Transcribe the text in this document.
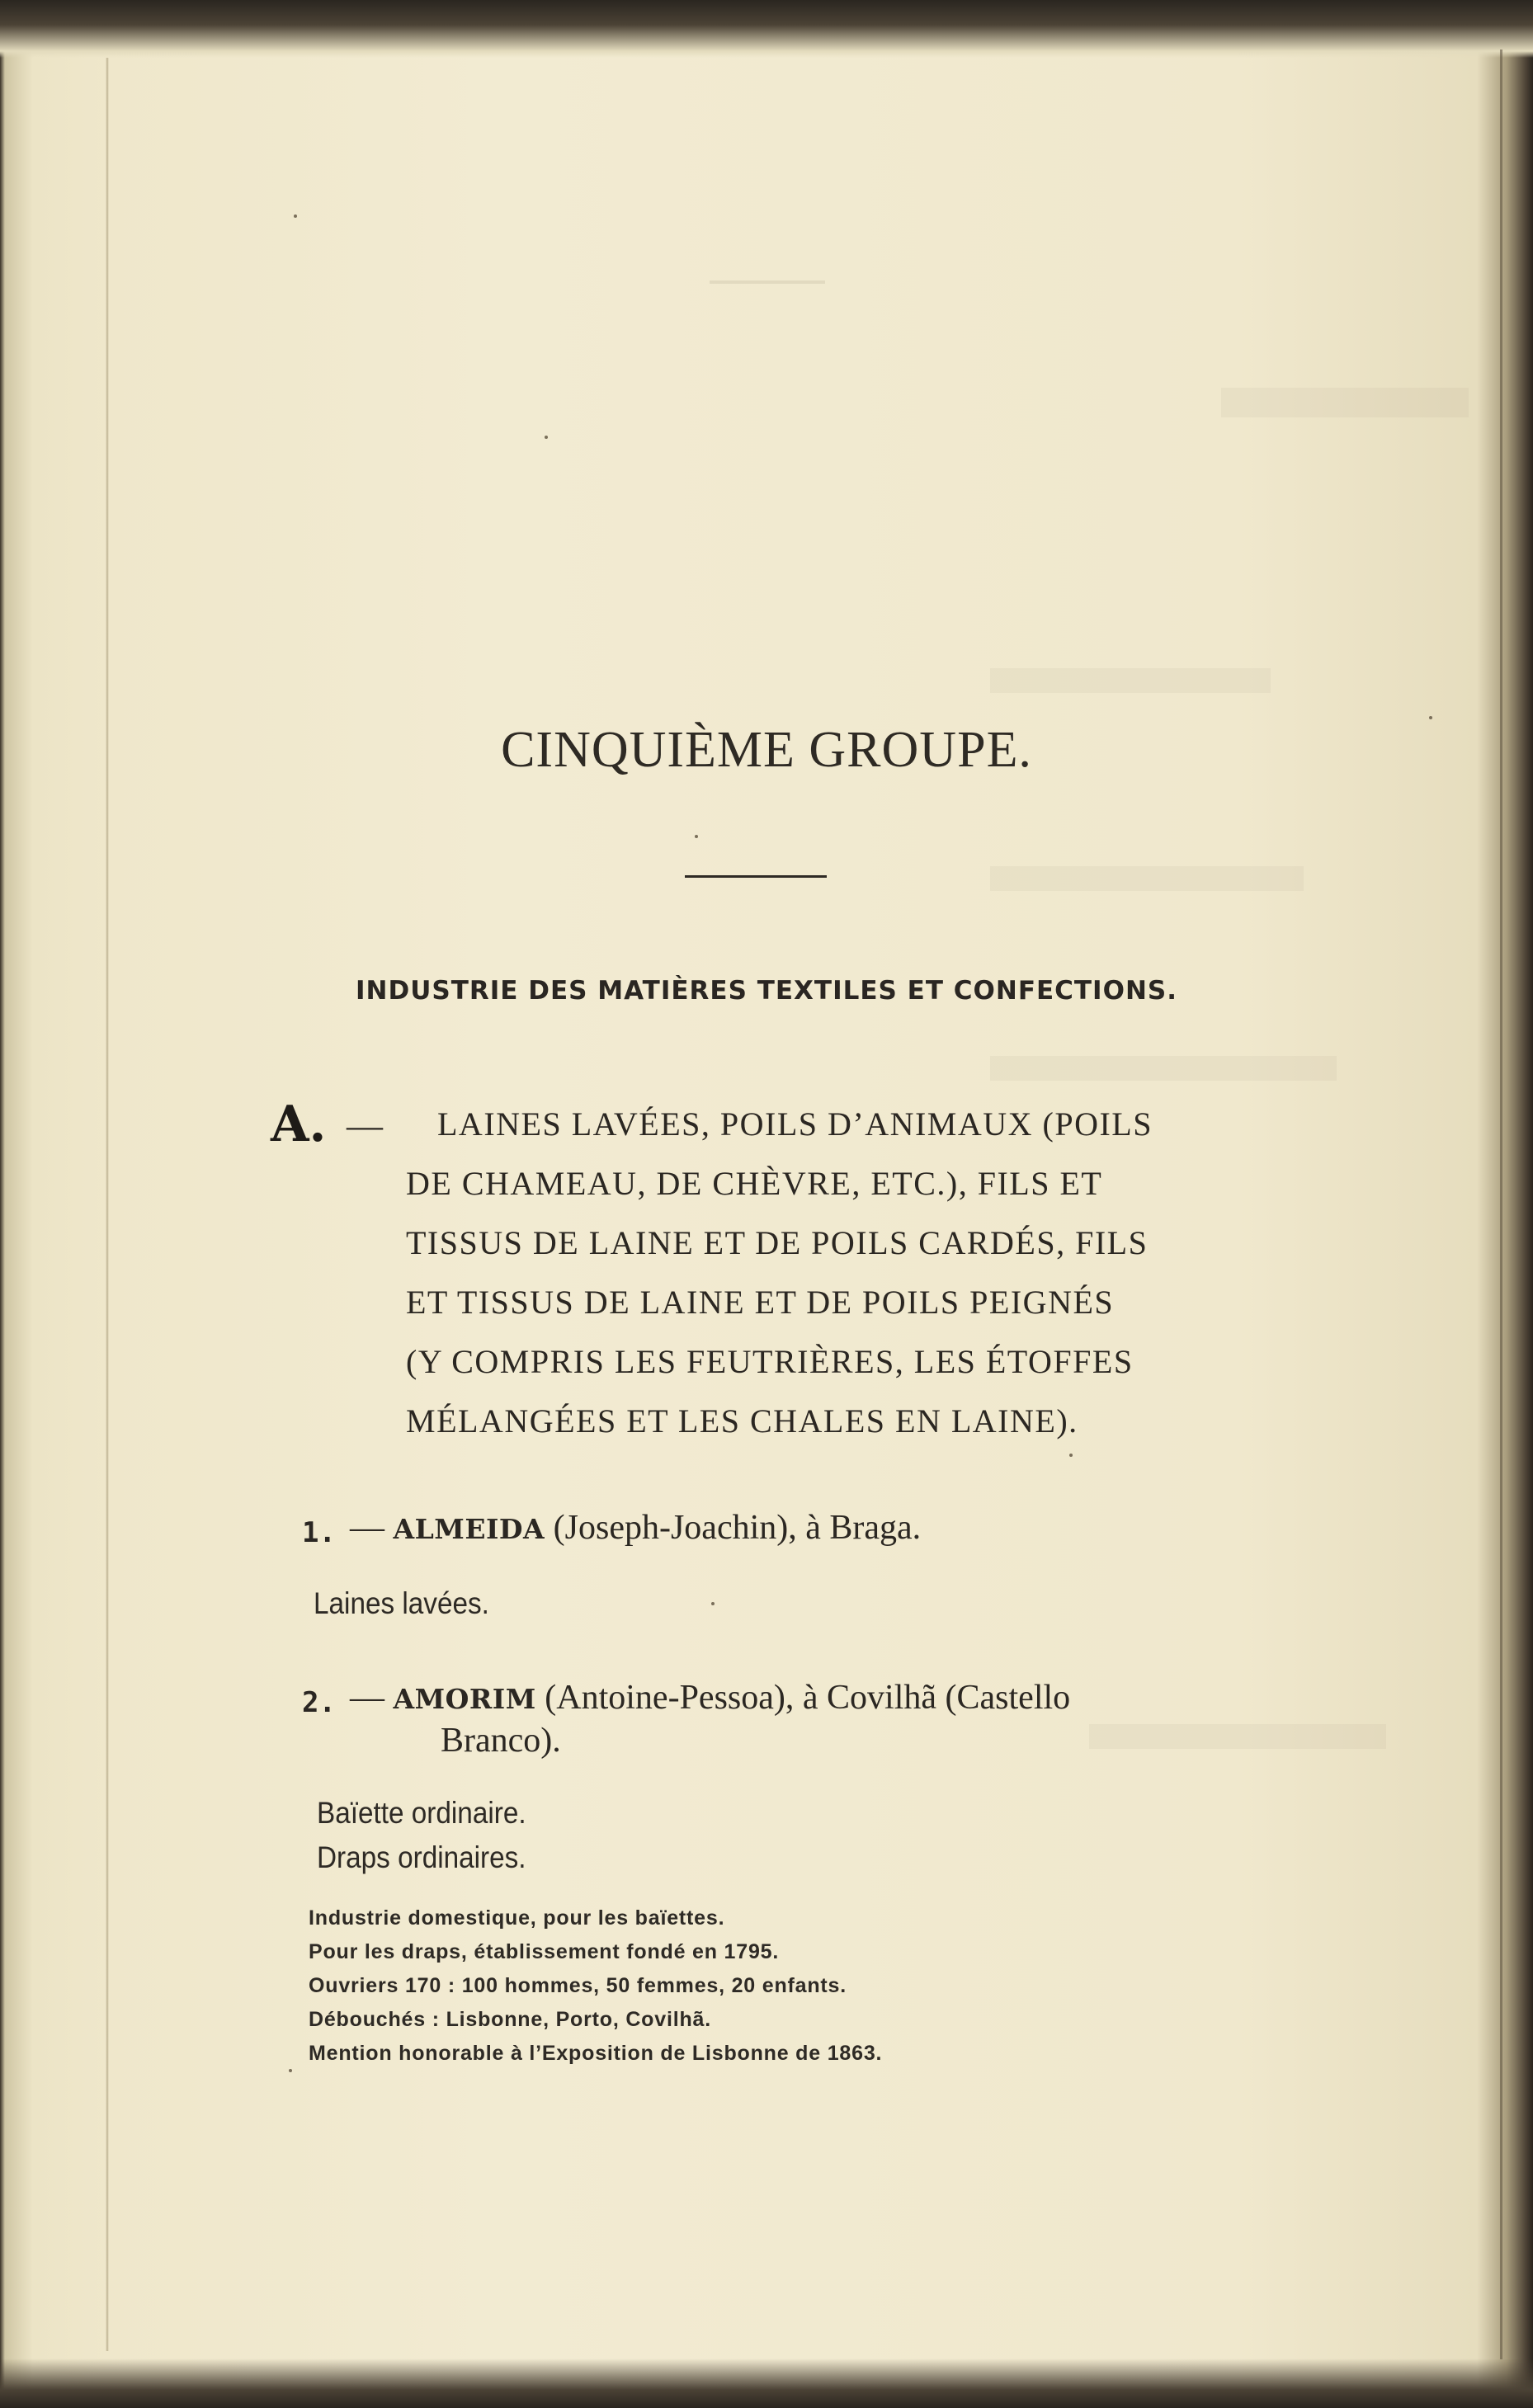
CINQUIÈME GROUPE.
INDUSTRIE DES MATIÈRES TEXTILES ET CONFECTIONS.
A. — LAINES LAVÉES, POILS D’ANIMAUX (POILS
DE CHAMEAU, DE CHÈVRE, ETC.), FILS ET
TISSUS DE LAINE ET DE POILS CARDÉS, FILS
ET TISSUS DE LAINE ET DE POILS PEIGNÉS
(Y COMPRIS LES FEUTRIÈRES, LES ÉTOFFES
MÉLANGÉES ET LES CHALES EN LAINE).
1. — ALMEIDA (Joseph-Joachin), à Braga.
Laines lavées.
2. — AMORIM (Antoine-Pessoa), à Covilhã (Castello
Branco).
Baïette ordinaire.
Draps ordinaires.
Industrie domestique, pour les baïettes.
Pour les draps, établissement fondé en 1795.
Ouvriers 170 : 100 hommes, 50 femmes, 20 enfants.
Débouchés : Lisbonne, Porto, Covilhã.
Mention honorable à l’Exposition de Lisbonne de 1863.
